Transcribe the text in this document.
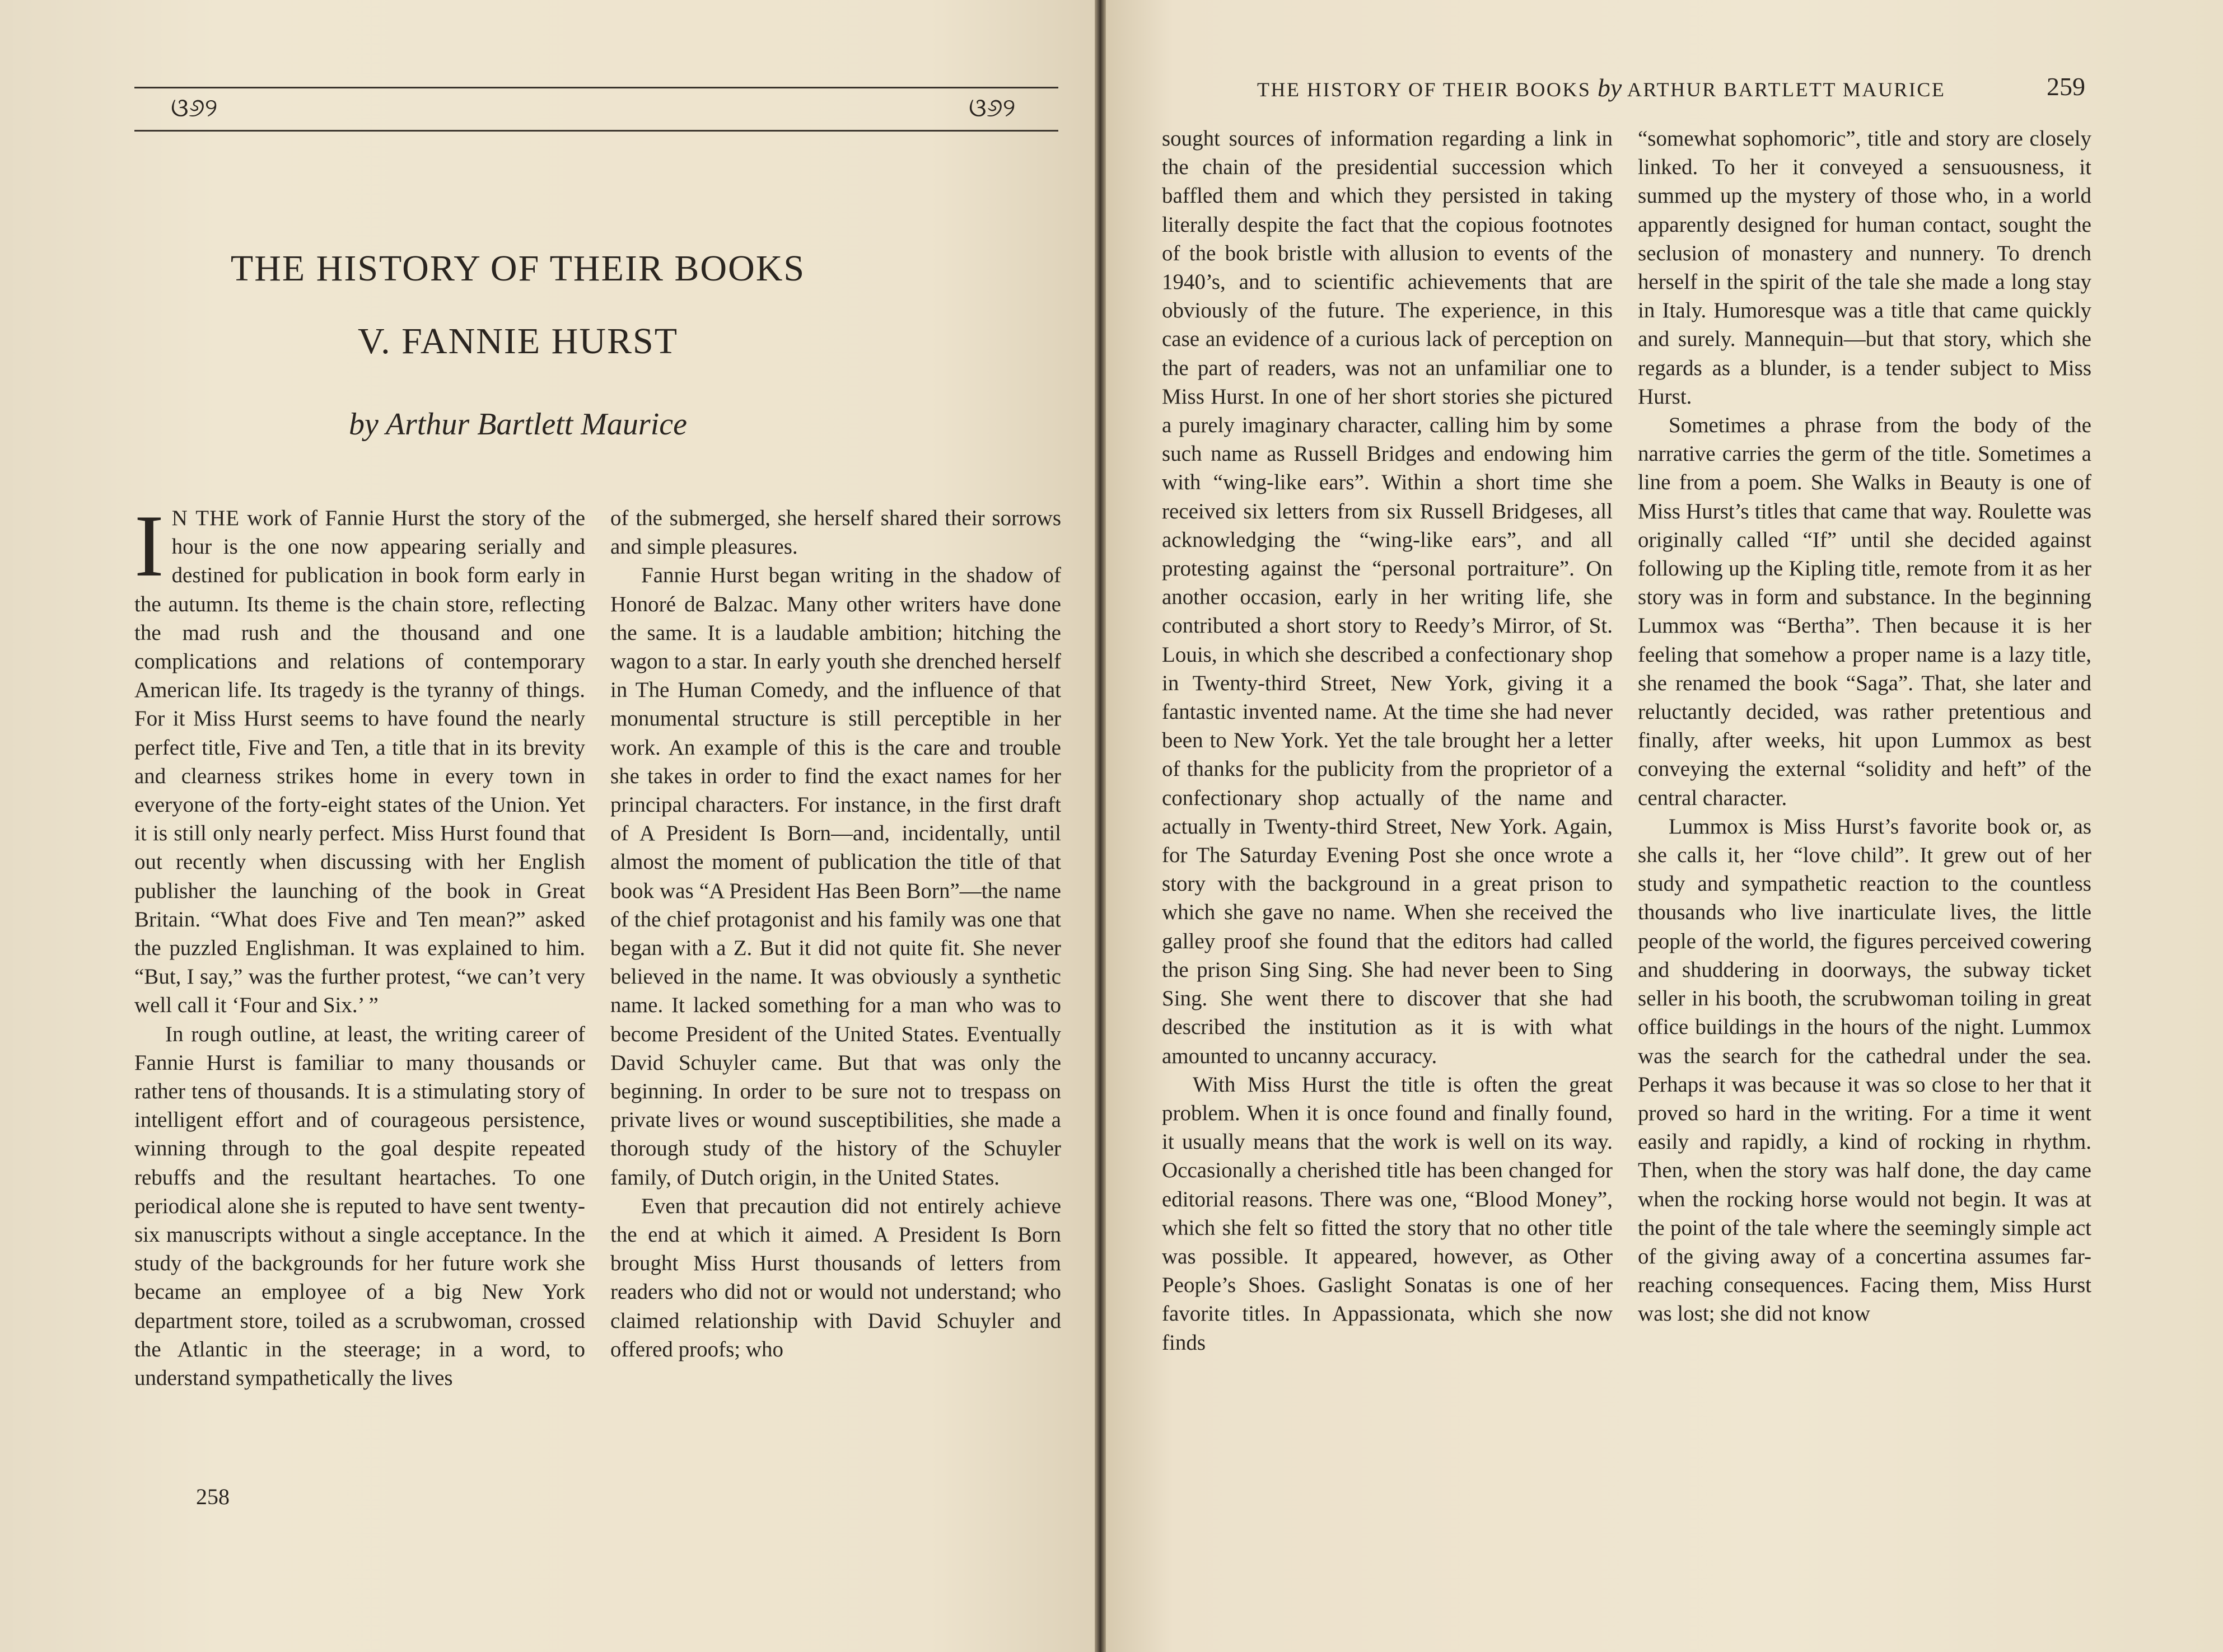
ଓ୬୨	ଓ୬୨
THE HISTORY OF THEIR BOOKS
V. FANNIE HURST
by Arthur Bartlett Maurice

I N THE work of Fannie Hurst the story of the hour is the one now appearing serially and destined for publication in book form early in the autumn. Its theme is the chain store, reflecting the mad rush and the thousand and one complications and relations of contemporary American life. Its tragedy is the tyranny of things. For it Miss Hurst seems to have found the nearly perfect title, Five and Ten, a title that in its brevity and clearness strikes home in every town in everyone of the forty-eight states of the Union. Yet it is still only nearly perfect. Miss Hurst found that out recently when discussing with her English publisher the launching of the book in Great Britain. “What does Five and Ten mean?” asked the puzzled Englishman. It was explained to him. “But, I say,” was the further protest, “we can’t very well call it ‘Four and Six.’ ”

In rough outline, at least, the writing career of Fannie Hurst is familiar to many thousands or rather tens of thousands. It is a stimulating story of intelligent effort and of courageous persistence, winning through to the goal despite repeated rebuffs and the resultant heartaches. To one periodical alone she is reputed to have sent twenty-six manuscripts without a single acceptance. In the study of the backgrounds for her future work she became an employee of a big New York department store, toiled as a scrubwoman, crossed the Atlantic in the steerage; in a word, to understand sympathetically the lives

of the submerged, she herself shared their sorrows and simple pleasures.

Fannie Hurst began writing in the shadow of Honoré de Balzac. Many other writers have done the same. It is a laudable ambition; hitching the wagon to a star. In early youth she drenched herself in The Human Comedy, and the influence of that monumental structure is still perceptible in her work. An example of this is the care and trouble she takes in order to find the exact names for her principal characters. For instance, in the first draft of A President Is Born—and, incidentally, until almost the moment of publication the title of that book was “A President Has Been Born”—the name of the chief protagonist and his family was one that began with a Z. But it did not quite fit. She never believed in the name. It was obviously a synthetic name. It lacked something for a man who was to become President of the United States. Eventually David Schuyler came. But that was only the beginning. In order to be sure not to trespass on private lives or wound susceptibilities, she made a thorough study of the history of the Schuyler family, of Dutch origin, in the United States.

Even that precaution did not entirely achieve the end at which it aimed. A President Is Born brought Miss Hurst thousands of letters from readers who did not or would not understand; who claimed relationship with David Schuyler and offered proofs; who

258
THE HISTORY OF THEIR BOOKS by ARTHUR BARTLETT MAURICE	259

sought sources of information regarding a link in the chain of the presidential succession which baffled them and which they persisted in taking literally despite the fact that the copious footnotes of the book bristle with allusion to events of the 1940’s, and to scientific achievements that are obviously of the future. The experience, in this case an evidence of a curious lack of perception on the part of readers, was not an unfamiliar one to Miss Hurst. In one of her short stories she pictured a purely imaginary character, calling him by some such name as Russell Bridges and endowing him with “wing-like ears”. Within a short time she received six letters from six Russell Bridgeses, all acknowledging the “wing-like ears”, and all protesting against the “personal portraiture”. On another occasion, early in her writing life, she contributed a short story to Reedy’s Mirror, of St. Louis, in which she described a confectionary shop in Twenty-third Street, New York, giving it a fantastic invented name. At the time she had never been to New York. Yet the tale brought her a letter of thanks for the publicity from the proprietor of a confectionary shop actually of the name and actually in Twenty-third Street, New York. Again, for The Saturday Evening Post she once wrote a story with the background in a great prison to which she gave no name. When she received the galley proof she found that the editors had called the prison Sing Sing. She had never been to Sing Sing. She went there to discover that she had described the institution as it is with what amounted to uncanny accuracy.

With Miss Hurst the title is often the great problem. When it is once found and finally found, it usually means that the work is well on its way. Occasionally a cherished title has been changed for editorial reasons. There was one, “Blood Money”, which she felt so fitted the story that no other title was possible. It appeared, however, as Other People’s Shoes. Gaslight Sonatas is one of her favorite titles. In Appassionata, which she now finds

“somewhat sophomoric”, title and story are closely linked. To her it conveyed a sensuousness, it summed up the mystery of those who, in a world apparently designed for human contact, sought the seclusion of monastery and nunnery. To drench herself in the spirit of the tale she made a long stay in Italy. Humoresque was a title that came quickly and surely. Mannequin—but that story, which she regards as a blunder, is a tender subject to Miss Hurst.

Sometimes a phrase from the body of the narrative carries the germ of the title. Sometimes a line from a poem. She Walks in Beauty is one of Miss Hurst’s titles that came that way. Roulette was originally called “If” until she decided against following up the Kipling title, remote from it as her story was in form and substance. In the beginning Lummox was “Bertha”. Then because it is her feeling that somehow a proper name is a lazy title, she renamed the book “Saga”. That, she later and reluctantly decided, was rather pretentious and finally, after weeks, hit upon Lummox as best conveying the external “solidity and heft” of the central character.

Lummox is Miss Hurst’s favorite book or, as she calls it, her “love child”. It grew out of her study and sympathetic reaction to the countless thousands who live inarticulate lives, the little people of the world, the figures perceived cowering and shuddering in doorways, the subway ticket seller in his booth, the scrubwoman toiling in great office buildings in the hours of the night. Lummox was the search for the cathedral under the sea. Perhaps it was because it was so close to her that it proved so hard in the writing. For a time it went easily and rapidly, a kind of rocking in rhythm. Then, when the story was half done, the day came when the rocking horse would not begin. It was at the point of the tale where the seemingly simple act of the giving away of a concertina assumes far-reaching consequences. Facing them, Miss Hurst was lost; she did not know
